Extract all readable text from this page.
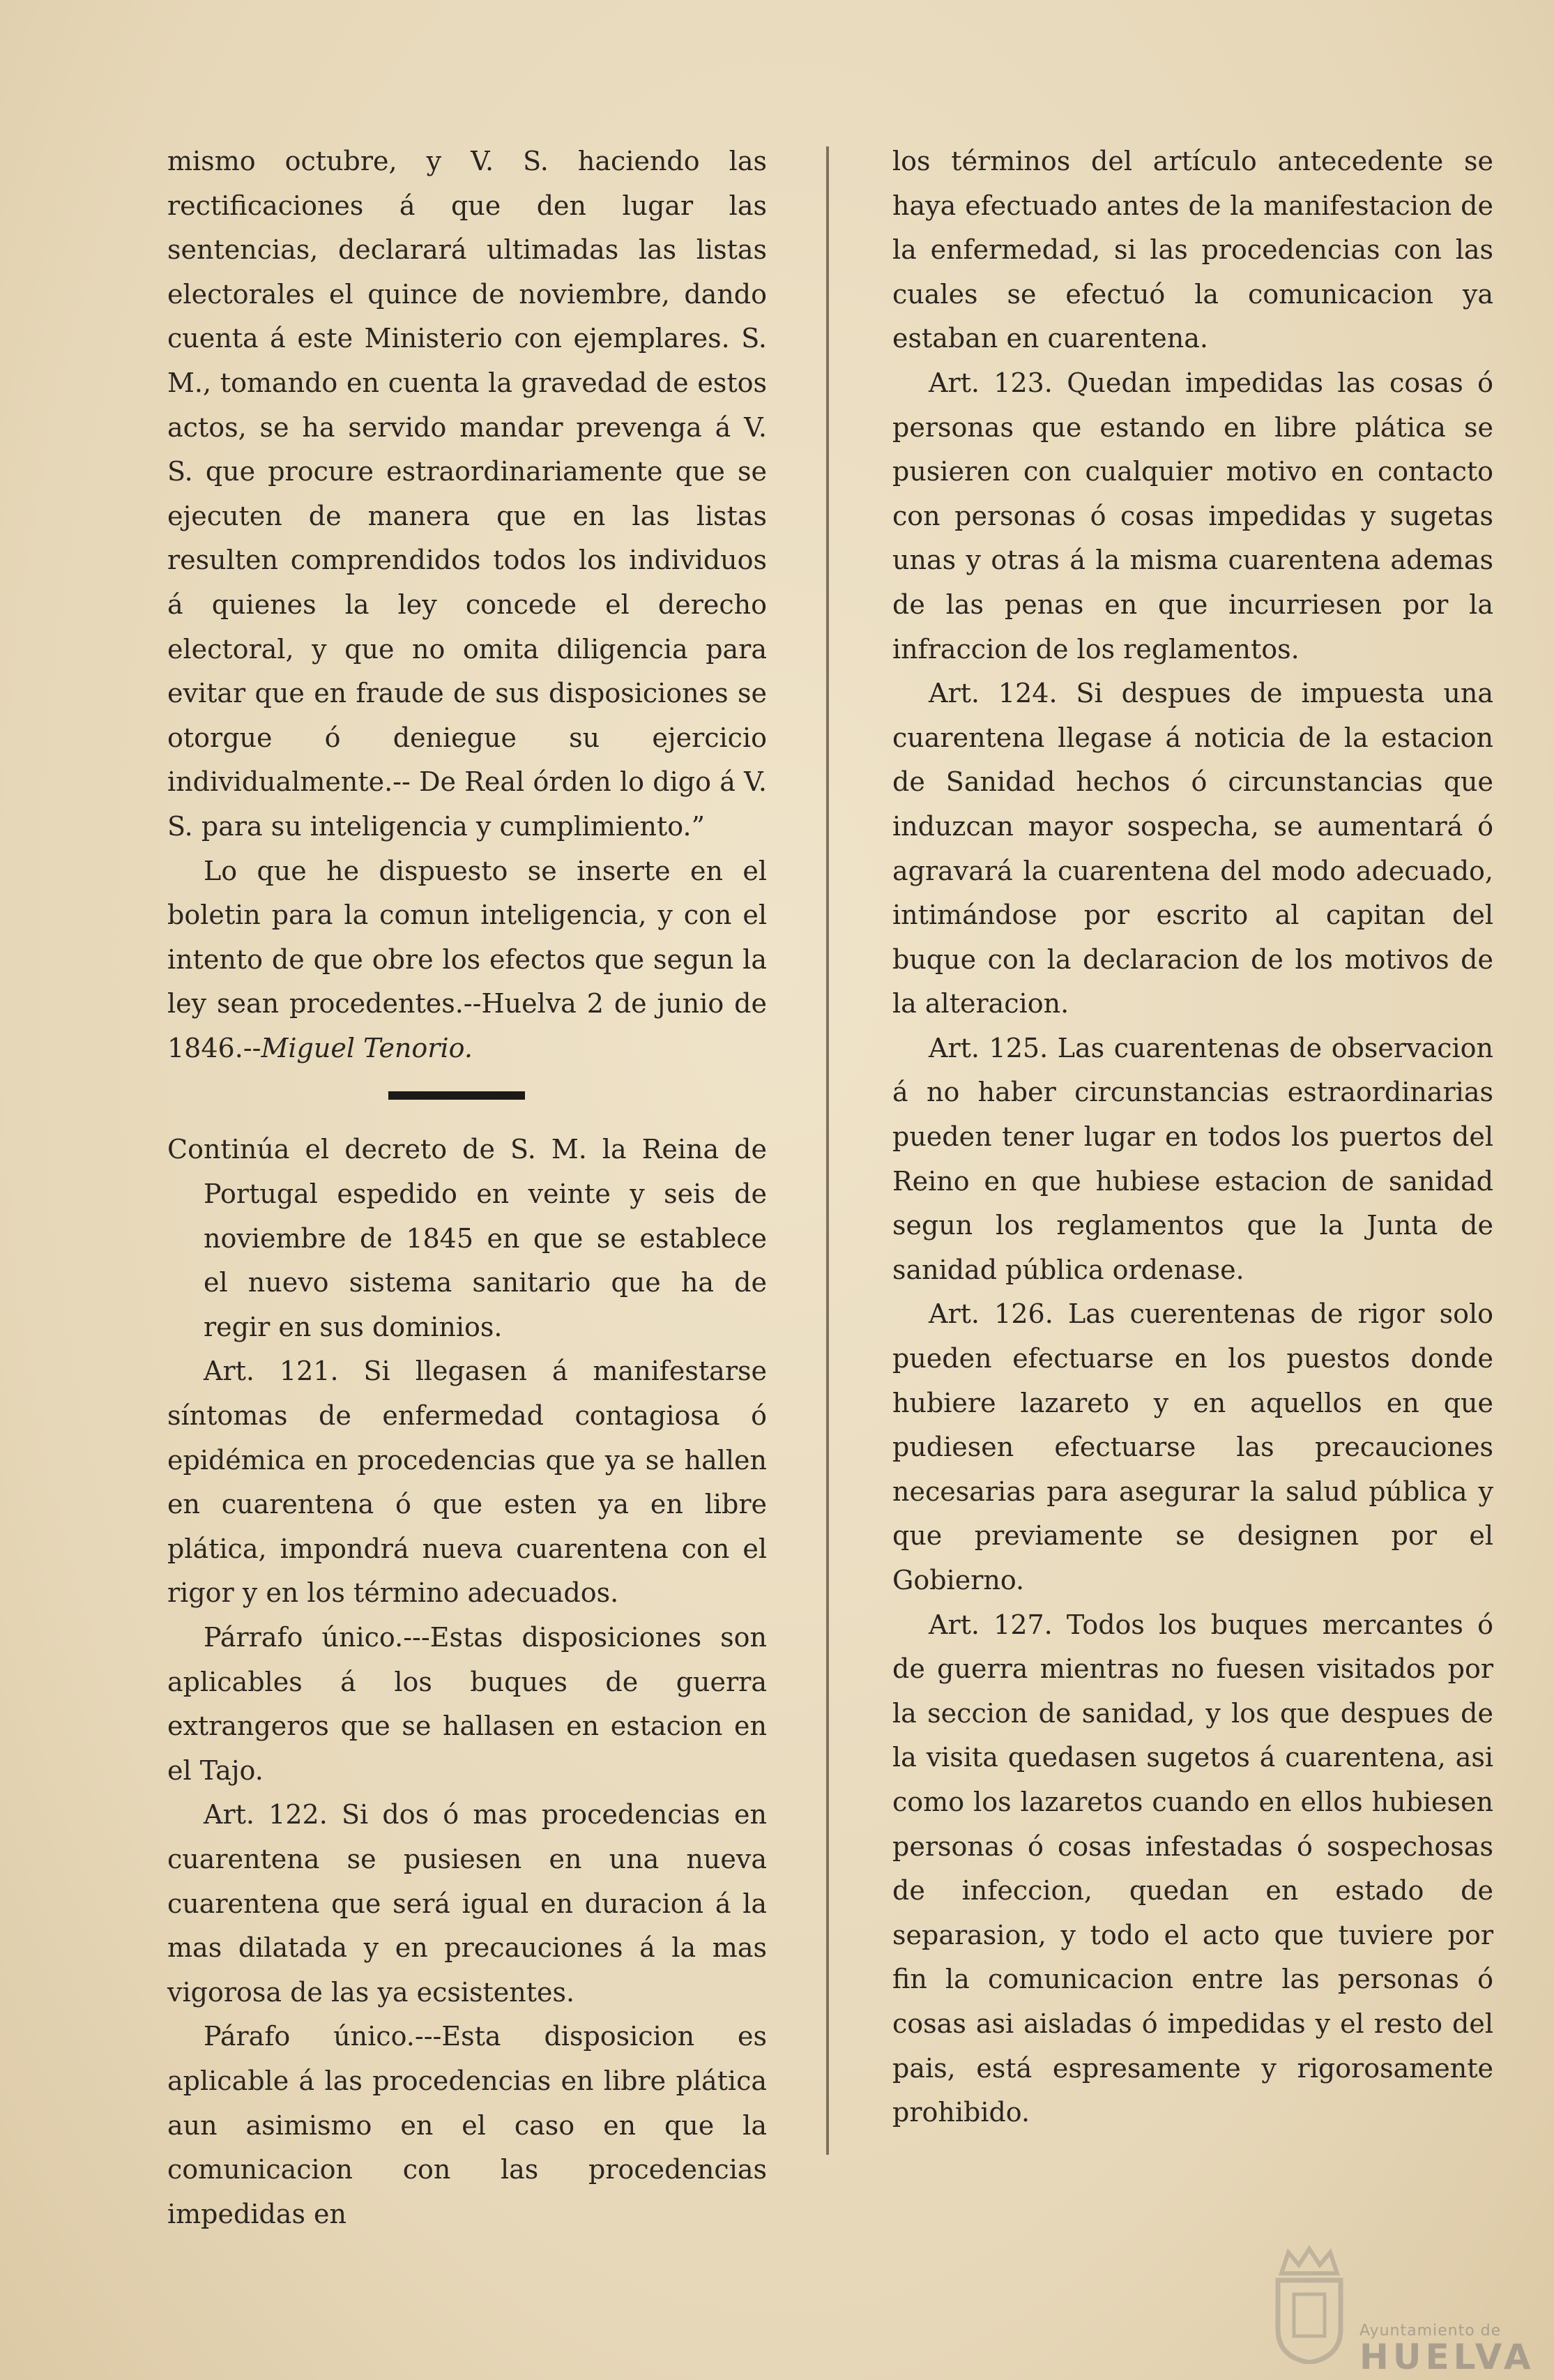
mismo octubre, y V. S. haciendo las rectificaciones á que den lugar las sentencias, declarará ultimadas las listas electorales el quince de noviembre, dando cuenta á este Ministerio con ejemplares. S. M., tomando en cuenta la gravedad de estos actos, se ha servido mandar prevenga á V. S. que procure estraordinariamente que se ejecuten de manera que en las listas resulten comprendidos todos los individuos á quienes la ley concede el derecho electoral, y que no omita diligencia para evitar que en fraude de sus disposiciones se otorgue ó deniegue su ejercicio individualmente.-- De Real órden lo digo á V. S. para su inteligencia y cumplimiento.”

Lo que he dispuesto se inserte en el boletin para la comun inteligencia, y con el intento de que obre los efectos que segun la ley sean procedentes.--Huelva 2 de junio de 1846.--Miguel Tenorio.

Continúa el decreto de S. M. la Reina de Portugal espedido en veinte y seis de noviembre de 1845 en que se establece el nuevo sistema sanitario que ha de regir en sus dominios.

Art. 121. Si llegasen á manifestarse síntomas de enfermedad contagiosa ó epidémica en procedencias que ya se hallen en cuarentena ó que esten ya en libre plática, impondrá nueva cuarentena con el rigor y en los término adecuados.

Párrafo único.---Estas disposiciones son aplicables á los buques de guerra extrangeros que se hallasen en estacion en el Tajo.

Art. 122. Si dos ó mas procedencias en cuarentena se pusiesen en una nueva cuarentena que será igual en duracion á la mas dilatada y en precauciones á la mas vigorosa de las ya ecsistentes.

Párafo único.---Esta disposicion es aplicable á las procedencias en libre plática aun asimismo en el caso en que la comunicacion con las procedencias impedidas en

los términos del artículo antecedente se haya efectuado antes de la manifestacion de la enfermedad, si las procedencias con las cuales se efectuó la comunicacion ya estaban en cuarentena.

Art. 123. Quedan impedidas las cosas ó personas que estando en libre plática se pusieren con cualquier motivo en contacto con personas ó cosas impedidas y sugetas unas y otras á la misma cuarentena ademas de las penas en que incurriesen por la infraccion de los reglamentos.

Art. 124. Si despues de impuesta una cuarentena llegase á noticia de la estacion de Sanidad hechos ó circunstancias que induzcan mayor sospecha, se aumentará ó agravará la cuarentena del modo adecuado, intimándose por escrito al capitan del buque con la declaracion de los motivos de la alteracion.

Art. 125. Las cuarentenas de observacion á no haber circunstancias estraordinarias pueden tener lugar en todos los puertos del Reino en que hubiese estacion de sanidad segun los reglamentos que la Junta de sanidad pública ordenase.

Art. 126. Las cuerentenas de rigor solo pueden efectuarse en los puestos donde hubiere lazareto y en aquellos en que pudiesen efectuarse las precauciones necesarias para asegurar la salud pública y que previamente se designen por el Gobierno.

Art. 127. Todos los buques mercantes ó de guerra mientras no fuesen visitados por la seccion de sanidad, y los que despues de la visita quedasen sugetos á cuarentena, asi como los lazaretos cuando en ellos hubiesen personas ó cosas infestadas ó sospechosas de infeccion, quedan en estado de separasion, y todo el acto que tuviere por fin la comunicacion entre las personas ó cosas asi aisladas ó impedidas y el resto del pais, está espresamente y rigorosamente prohibido.

Ayuntamiento de
HUELVA
